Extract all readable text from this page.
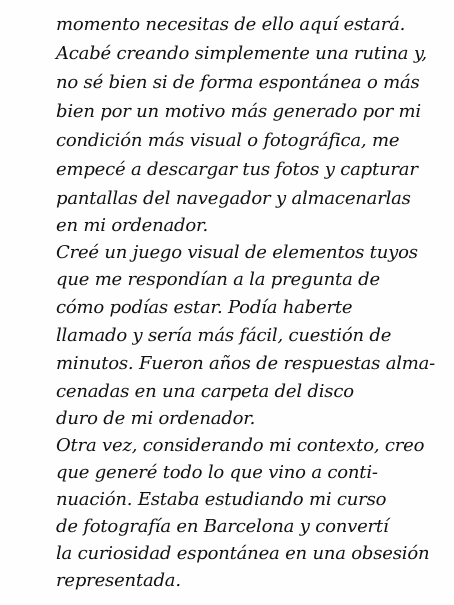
momento necesitas de ello aquí estará.
Acabé creando simplemente una rutina y,
no sé bien si de forma espontánea o más
bien por un motivo más generado por mi
condición más visual o fotográfica, me
empecé a descargar tus fotos y capturar
pantallas del navegador y almacenarlas
en mi ordenador.
Creé un juego visual de elementos tuyos
que me respondían a la pregunta de
cómo podías estar. Podía haberte
llamado y sería más fácil, cuestión de
minutos. Fueron años de respuestas alma-
cenadas en una carpeta del disco
duro de mi ordenador.
Otra vez, considerando mi contexto, creo
que generé todo lo que vino a conti-
nuación. Estaba estudiando mi curso
de fotografía en Barcelona y convertí
la curiosidad espontánea en una obsesión
representada.
